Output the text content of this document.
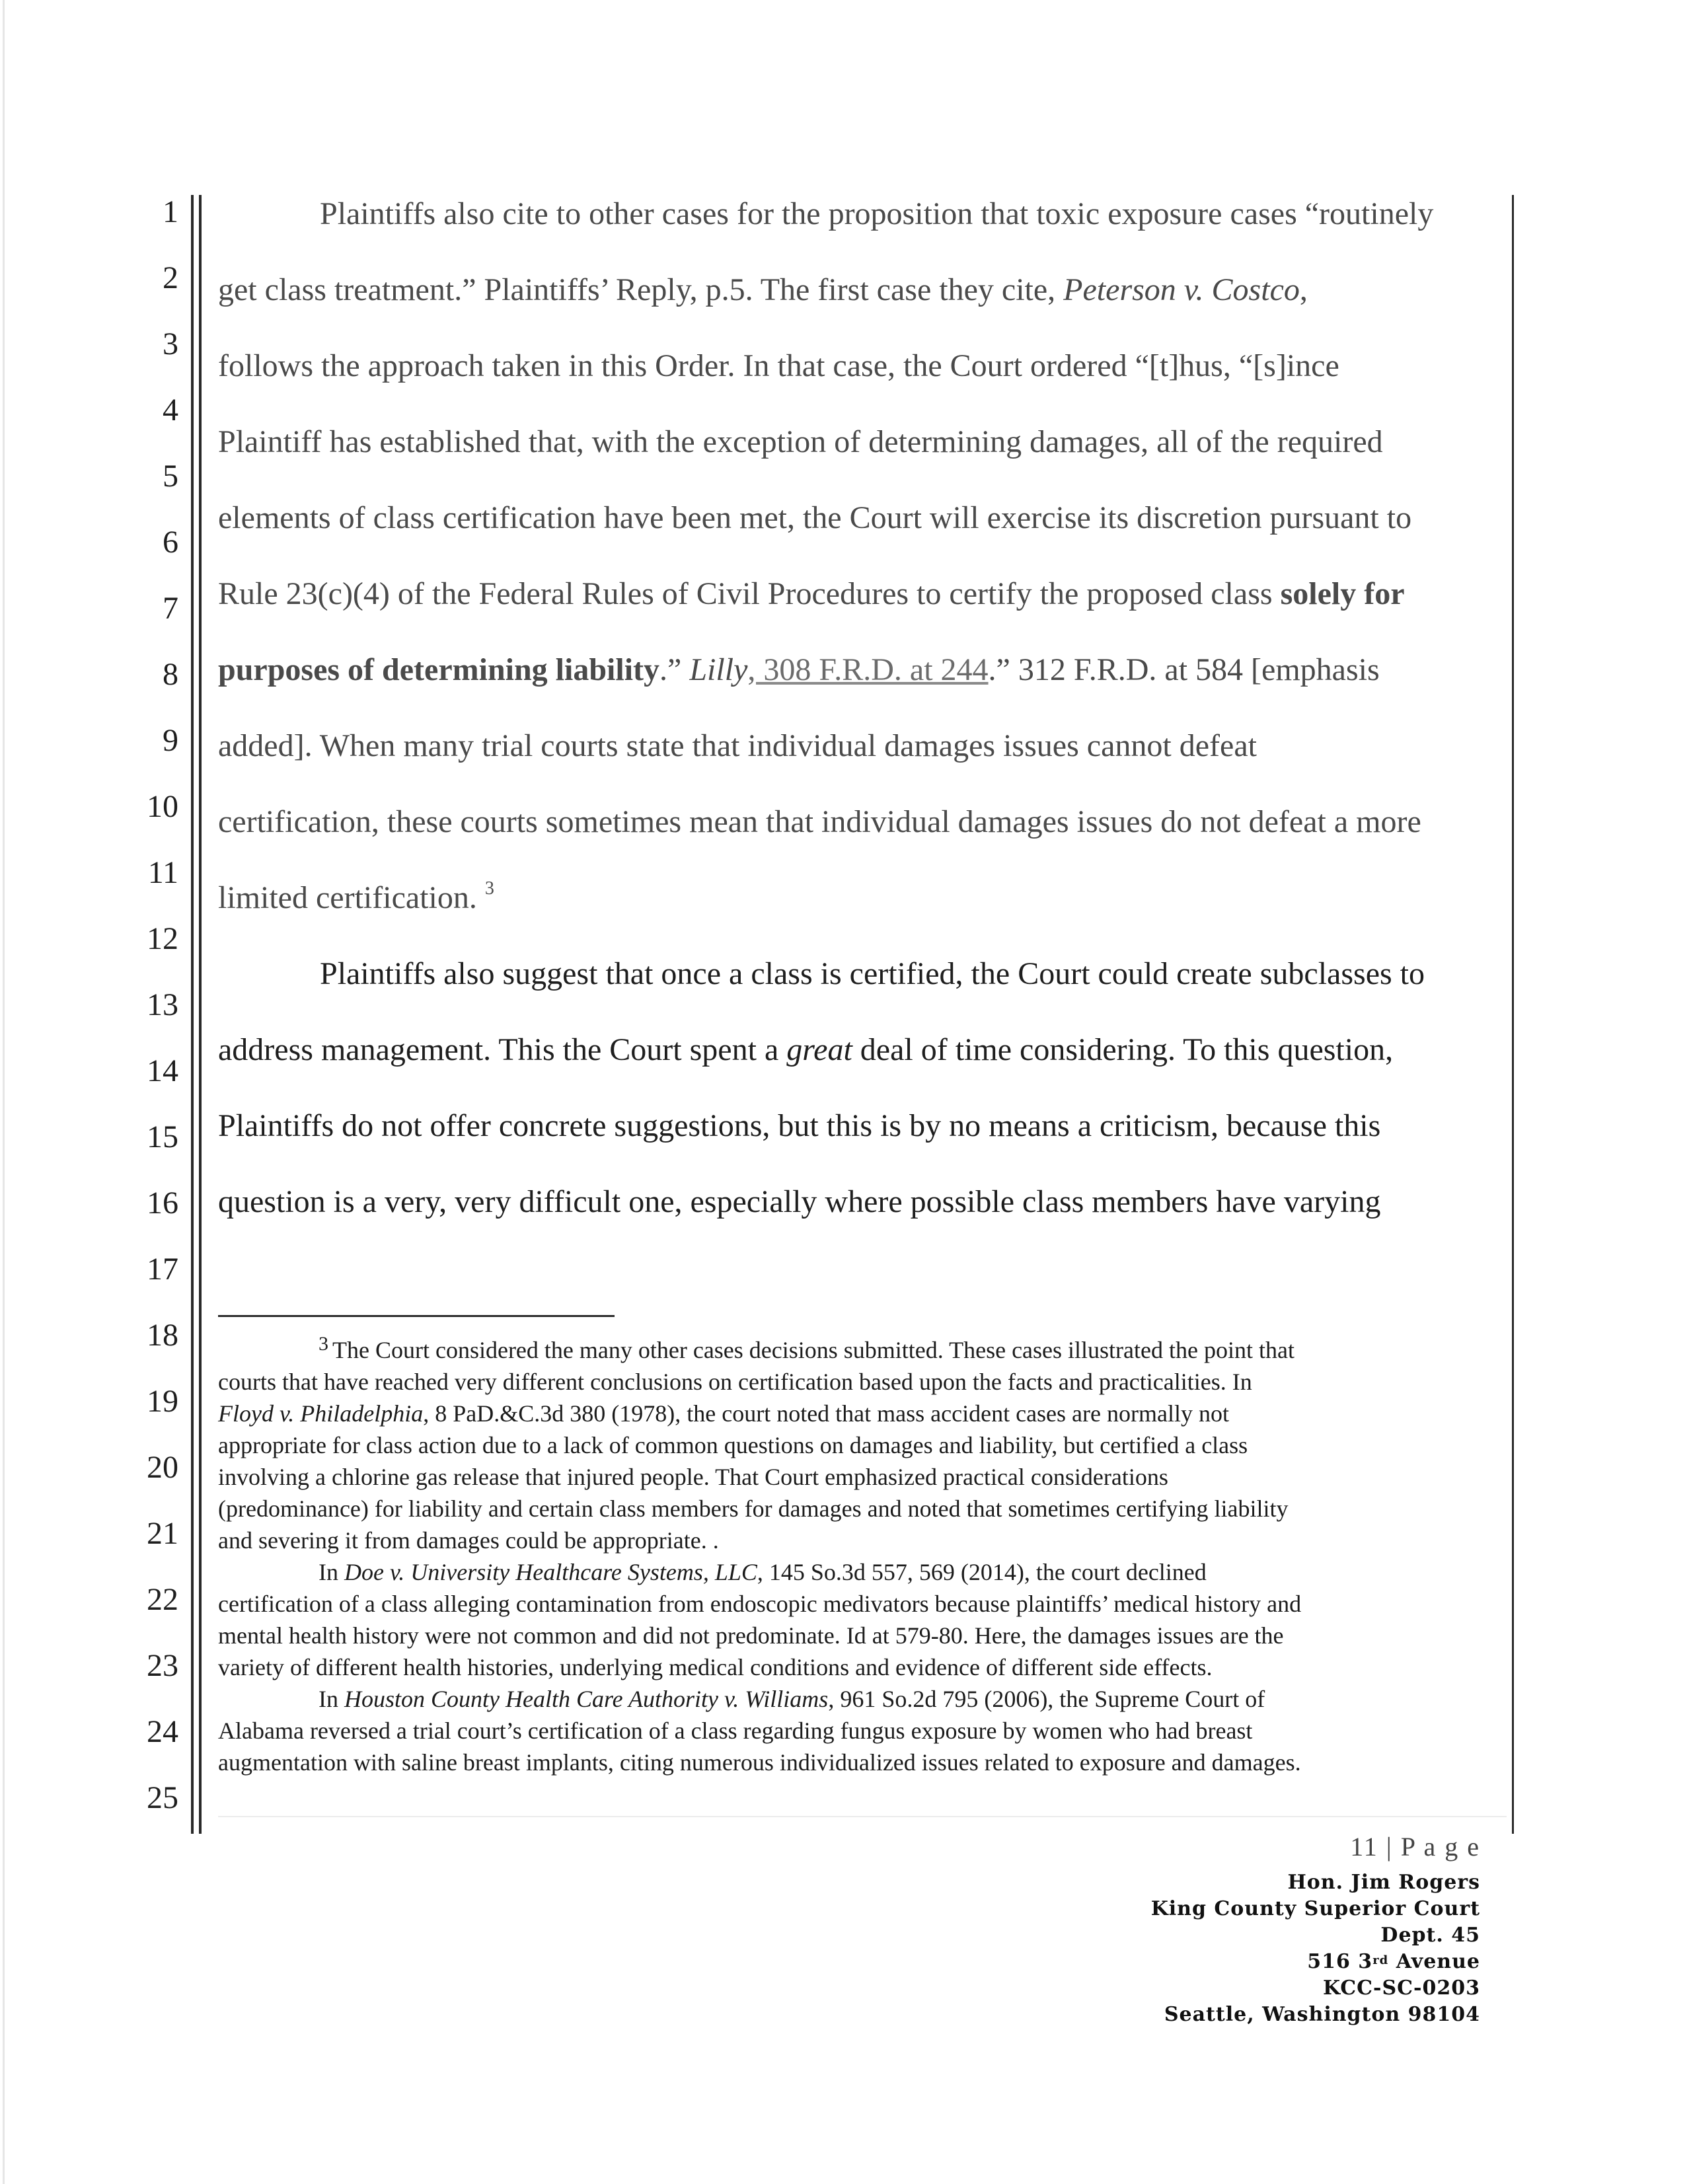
1
2
3
4
5
6
7
8
9
10
11
12
13
14
15
16
17
18
19
20
21
22
23
24
25
Plaintiffs also cite to other cases for the proposition that toxic exposure cases “routinely
get class treatment.” Plaintiffs’ Reply, p.5. The first case they cite, Peterson v. Costco,
follows the approach taken in this Order. In that case, the Court ordered “[t]hus, “[s]ince
Plaintiff has established that, with the exception of determining damages, all of the required
elements of class certification have been met, the Court will exercise its discretion pursuant to
Rule 23(c)(4) of the Federal Rules of Civil Procedures to certify the proposed class solely for
purposes of determining liability.” Lilly, 308 F.R.D. at 244.” 312 F.R.D. at 584 [emphasis
added]. When many trial courts state that individual damages issues cannot defeat
certification, these courts sometimes mean that individual damages issues do not defeat a more
limited certification. $^3$
Plaintiffs also suggest that once a class is certified, the Court could create subclasses to
address management. This the Court spent a great deal of time considering. To this question,
Plaintiffs do not offer concrete suggestions, but this is by no means a criticism, because this
question is a very, very difficult one, especially where possible class members have varying
$^3$ The Court considered the many other cases decisions submitted. These cases illustrated the point that
courts that have reached very different conclusions on certification based upon the facts and practicalities. In
Floyd v. Philadelphia, 8 PaD.&C.3d 380 (1978), the court noted that mass accident cases are normally not
appropriate for class action due to a lack of common questions on damages and liability, but certified a class
involving a chlorine gas release that injured people. That Court emphasized practical considerations
(predominance) for liability and certain class members for damages and noted that sometimes certifying liability
and severing it from damages could be appropriate. .
In Doe v. University Healthcare Systems, LLC, 145 So.3d 557, 569 (2014), the court declined
certification of a class alleging contamination from endoscopic medivators because plaintiffs’ medical history and
mental health history were not common and did not predominate. Id at 579-80. Here, the damages issues are the
variety of different health histories, underlying medical conditions and evidence of different side effects.
In Houston County Health Care Authority v. Williams, 961 So.2d 795 (2006), the Supreme Court of
Alabama reversed a trial court’s certification of a class regarding fungus exposure by women who had breast
augmentation with saline breast implants, citing numerous individualized issues related to exposure and damages.
11 | P a g e
Hon. Jim Rogers
King County Superior Court
Dept. 45
516 3rd Avenue
KCC-SC-0203
Seattle, Washington 98104
